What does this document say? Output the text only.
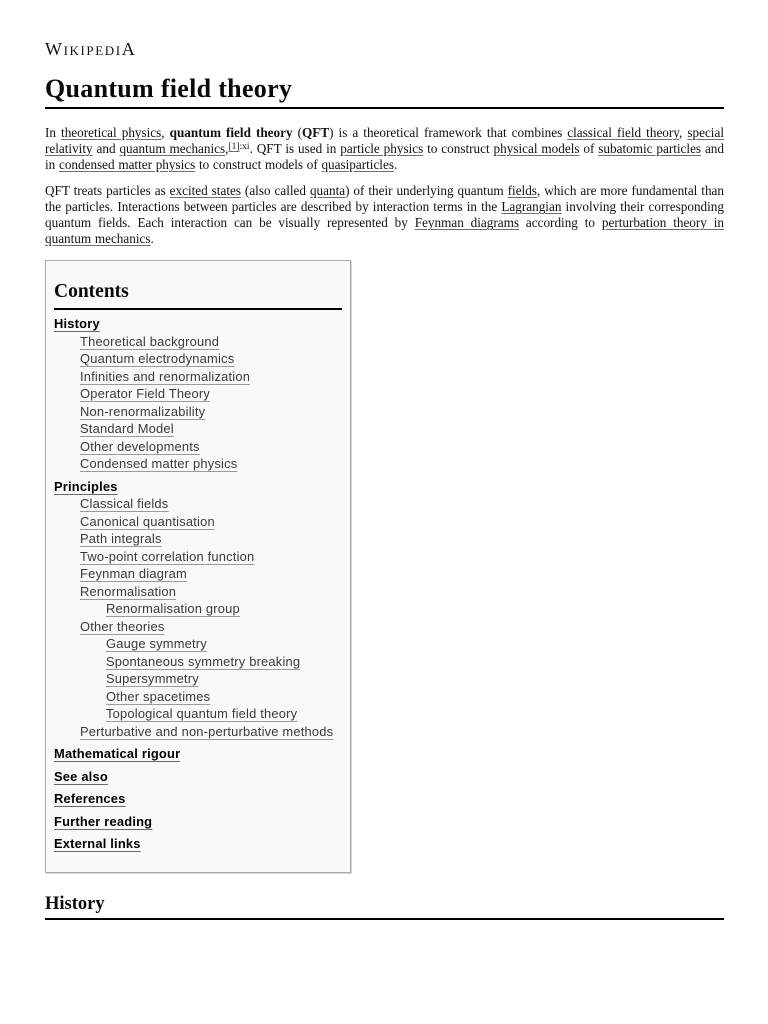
WikipediA
Quantum field theory

In theoretical physics, quantum field theory (QFT) is a theoretical framework that combines classical field theory, special relativity and quantum mechanics,$^{[1]:xi}$. QFT is used in particle physics to construct physical models of subatomic particles and in condensed matter physics to construct models of quasiparticles.

QFT treats particles as excited states (also called quanta) of their underlying quantum fields, which are more fundamental than the particles. Interactions between particles are described by interaction terms in the Lagrangian involving their corresponding quantum fields. Each interaction can be visually represented by Feynman diagrams according to perturbation theory in quantum mechanics.

Contents
History
Theoretical background
Quantum electrodynamics
Infinities and renormalization
Operator Field Theory
Non-renormalizability
Standard Model
Other developments
Condensed matter physics
Principles
Classical fields
Canonical quantisation
Path integrals
Two-point correlation function
Feynman diagram
Renormalisation
Renormalisation group
Other theories
Gauge symmetry
Spontaneous symmetry breaking
Supersymmetry
Other spacetimes
Topological quantum field theory
Perturbative and non-perturbative methods
Mathematical rigour
See also
References
Further reading
External links
History
